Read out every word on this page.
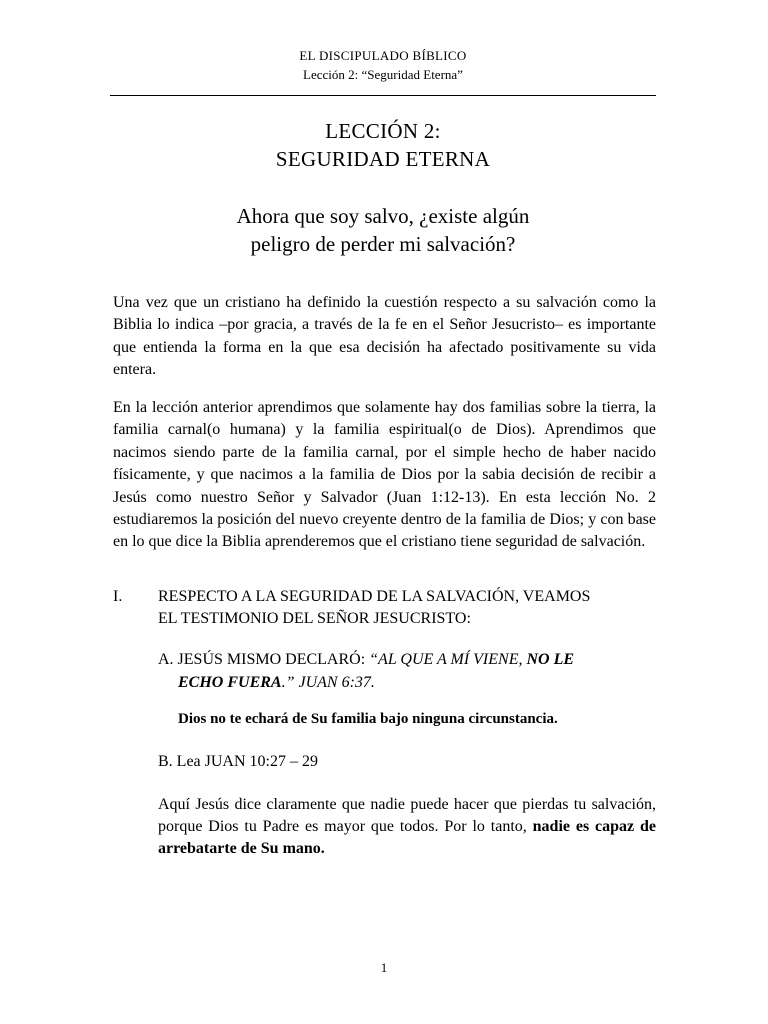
EL DISCIPULADO BÍBLICO
Lección 2: “Seguridad Eterna”
LECCIÓN 2:
SEGURIDAD ETERNA
Ahora que soy salvo, ¿existe algún
peligro de perder mi salvación?

Una vez que un cristiano ha definido la cuestión respecto a su salvación como la Biblia lo indica –por gracia, a través de la fe en el Señor Jesucristo– es importante que entienda la forma en la que esa decisión ha afectado positivamente su vida entera.

En la lección anterior aprendimos que solamente hay dos familias sobre la tierra, la familia carnal(o humana) y la familia espiritual(o de Dios). Aprendimos que nacimos siendo parte de la familia carnal, por el simple hecho de haber nacido físicamente, y que nacimos a la familia de Dios por la sabia decisión de recibir a Jesús como nuestro Señor y Salvador (Juan 1:12-13). En esta lección No. 2 estudiaremos la posición del nuevo creyente dentro de la familia de Dios; y con base en lo que dice la Biblia aprenderemos que el cristiano tiene seguridad de salvación.

I. RESPECTO A LA SEGURIDAD DE LA SALVACIÓN, VEAMOS
EL TESTIMONIO DEL SEÑOR JESUCRISTO:
A. JESÚS MISMO DECLARÓ: “AL QUE A MÍ VIENE, NO LE
ECHO FUERA.” JUAN 6:37.
Dios no te echará de Su familia bajo ninguna circunstancia.
B. Lea JUAN 10:27 – 29

Aquí Jesús dice claramente que nadie puede hacer que pierdas tu salvación, porque Dios tu Padre es mayor que todos. Por lo tanto, nadie es capaz de arrebatarte de Su mano.

1
